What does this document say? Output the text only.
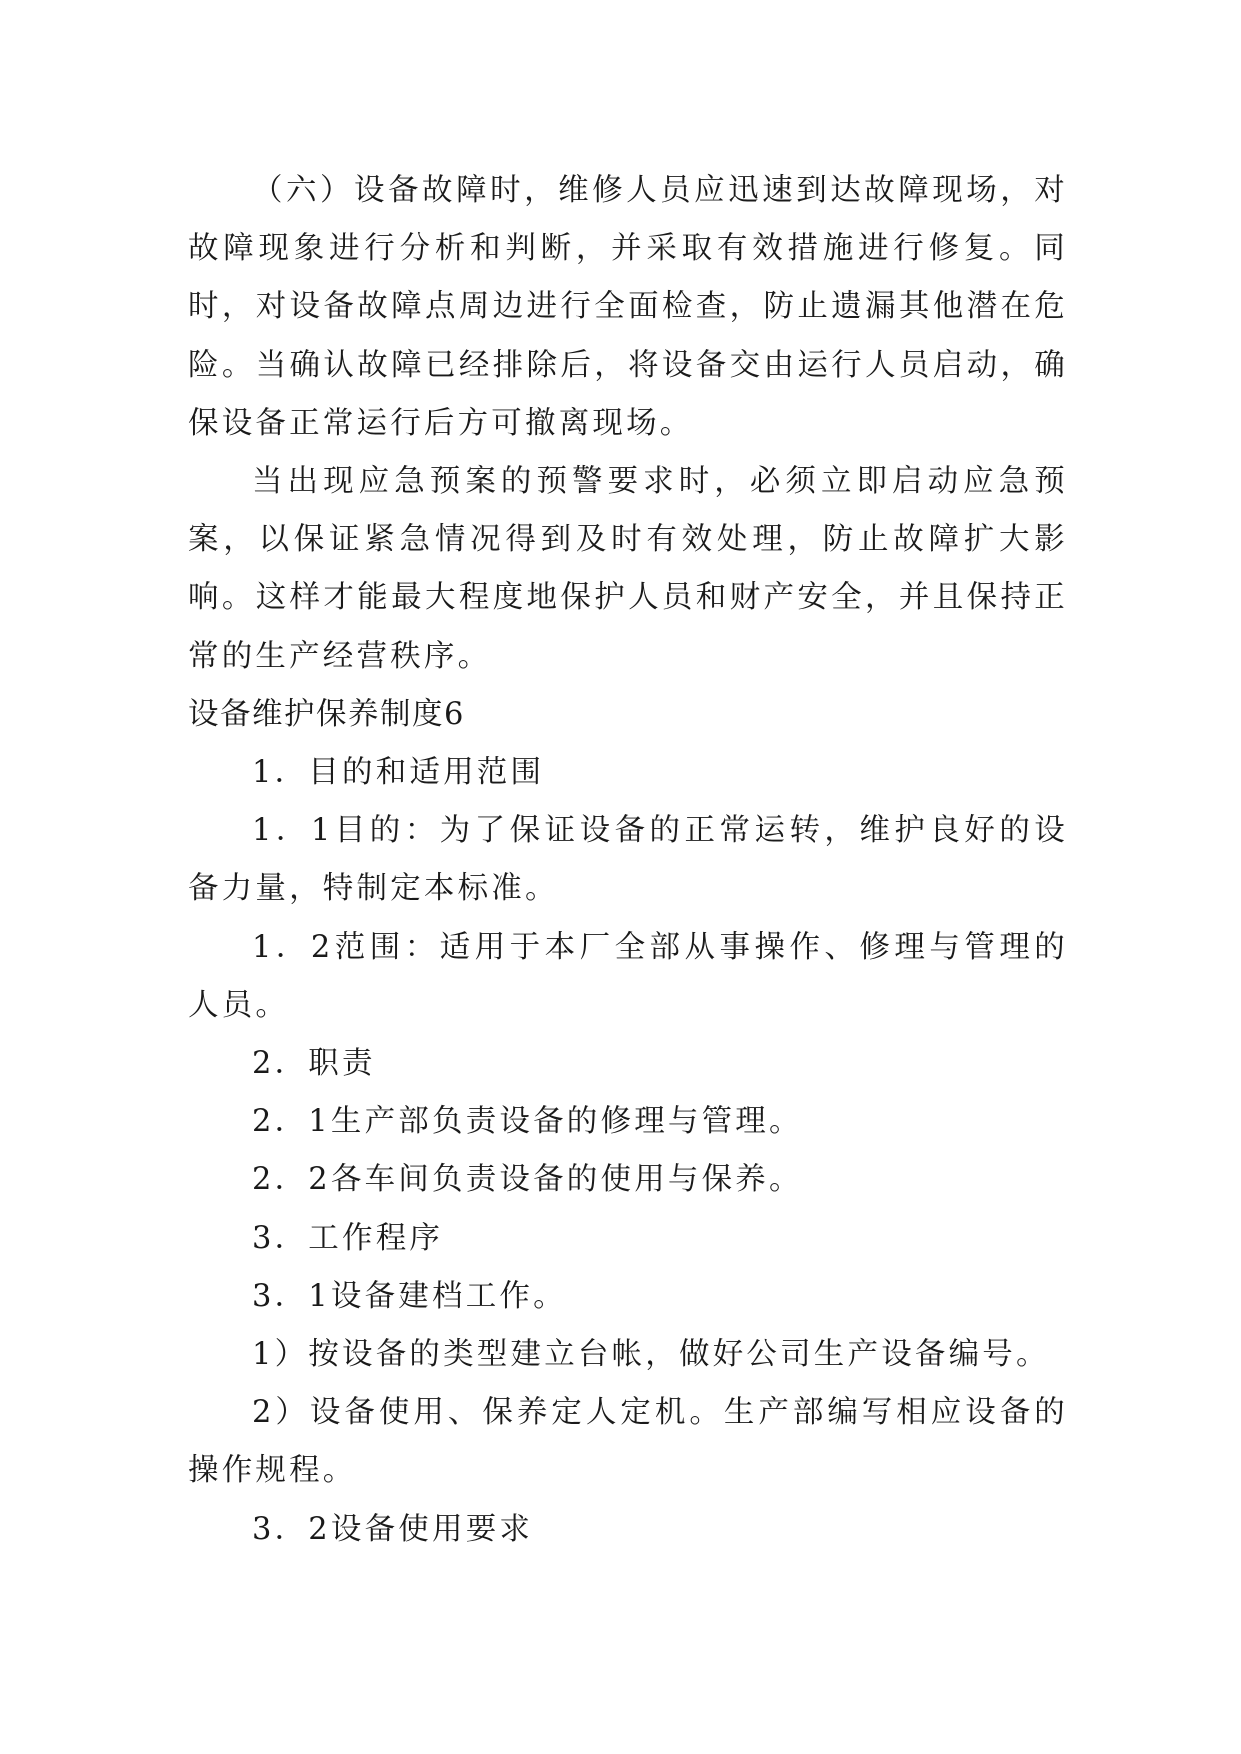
（六）设备故障时，维修人员应迅速到达故障现场，对故障现象进行分析和判断，并采取有效措施进行修复。同时，对设备故障点周边进行全面检查，防止遗漏其他潜在危险。当确认故障已经排除后，将设备交由运行人员启动，确保设备正常运行后方可撤离现场。

当出现应急预案的预警要求时，必须立即启动应急预案，以保证紧急情况得到及时有效处理，防止故障扩大影响。这样才能最大程度地保护人员和财产安全，并且保持正常的生产经营秩序。

设备维护保养制度6

1．目的和适用范围

1．1目的：为了保证设备的正常运转，维护良好的设备力量，特制定本标准。

1．2范围：适用于本厂全部从事操作、修理与管理的人员。

2．职责

2．1生产部负责设备的修理与管理。

2．2各车间负责设备的使用与保养。

3．工作程序

3．1设备建档工作。

1）按设备的类型建立台帐，做好公司生产设备编号。

2）设备使用、保养定人定机。生产部编写相应设备的操作规程。

3．2设备使用要求
